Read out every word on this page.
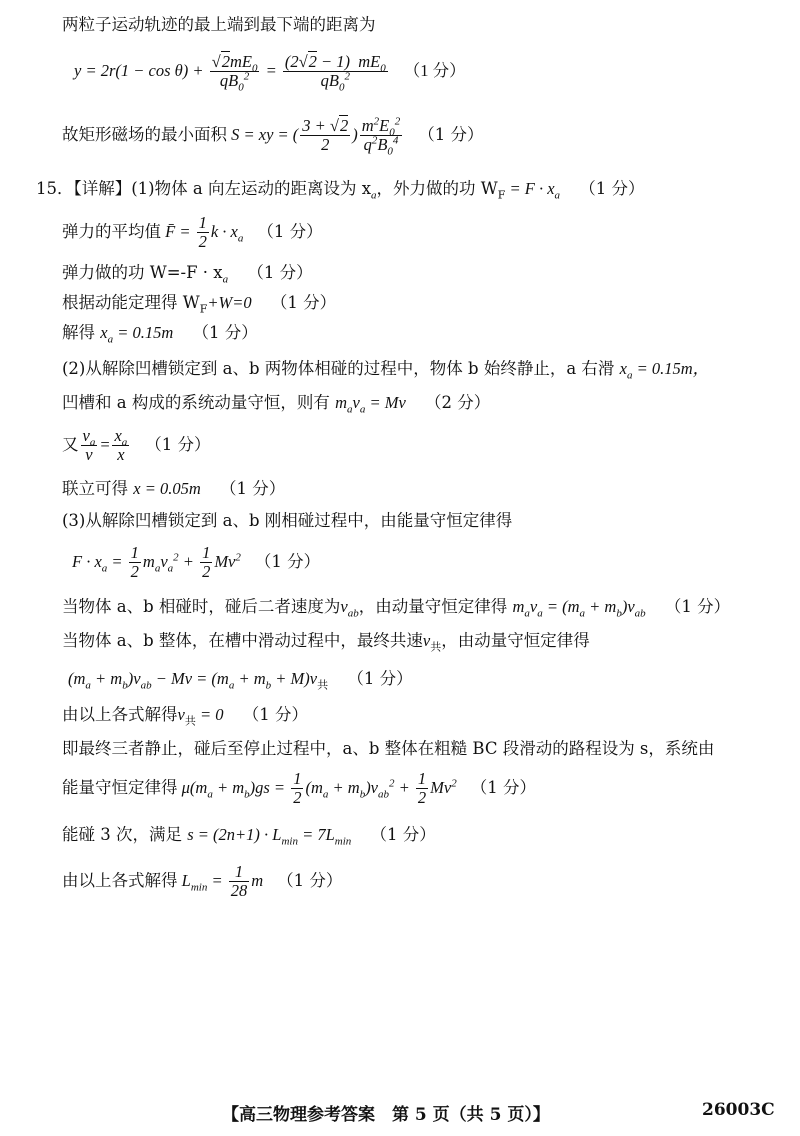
两粒子运动轨迹的最上端到最下端的距离为
$y = 2r(1 - \cos \theta) + \frac{√2mE_0}{qB_0^2} = \frac{(2√2 - 1) mE_0}{qB_0^2} (1$ 分）
故矩形磁场的最小面积 S = xy = ( $\frac{3 + √2}{2}$ ) $\frac{m^2E_0^2}{q^2B_0^4} (1$ 分）
15．【详解】(1)物体 a 向左运动的距离设为 $x_a$，外力做的功 $W_F = F \cdot x_a$ （1 分）
弹力的平均值 F̄ = $\frac{1}{2}$ $k \cdot x_a$ （1 分）
弹力做的功 $W=-F \cdot x_a$ （1 分）
根据动能定理得 $W_F+W=0$ （1 分）
解得 $x_a = 0.15m$ （1 分）
(2)从解除凹槽锁定到 a、b 两物体相碰的过程中，物体 b 始终静止，a 右滑 $x_a = 0.15m$，
凹槽和 a 构成的系统动量守恒，则有 $m_av_a = Mv$ （2 分）
又 $\frac{v_a}{v} = \frac{x_a}{x} (1$ 分）
联立可得 x = 0.05m （1 分）
(3)从解除凹槽锁定到 a、b 刚相碰过程中，由能量守恒定律得
$F \cdot x_a = \frac{1}{2} m_av_a^2 + \frac{1}{2} Mv^2$ （1 分）
当物体 a、b 相碰时，碰后二者速度为$v_{ab}$，由动量守恒定律得 $m_av_a = (m_a + m_b)v_{ab}$ （1 分）
当物体 a、b 整体，在槽中滑动过程中，最终共速$v_共$，由动量守恒定律得
$(m_a + m_b)v_{ab} - Mv = (m_a + m_b + M)v_共$ （1 分）
由以上各式解得$v_共 = 0$ （1 分）
即最终三者静止，碰后至停止过程中，a、b 整体在粗糙 BC 段滑动的路程设为 s，系统由
能量守恒定律得 $\mu(m_a + m_b)gs = \frac{1}{2} (m_a + m_b)v_{ab}^2 + \frac{1}{2} Mv^2$ （1 分）
能碰 3 次，满足 $s = (2n+1) \cdot L_{min} = 7L_{min}$ （1 分）
由以上各式解得 $L_{min} = \frac{1}{28}$ m （1 分）
【高三物理参考答案　第 5 页（共 5 页）】	26003C
